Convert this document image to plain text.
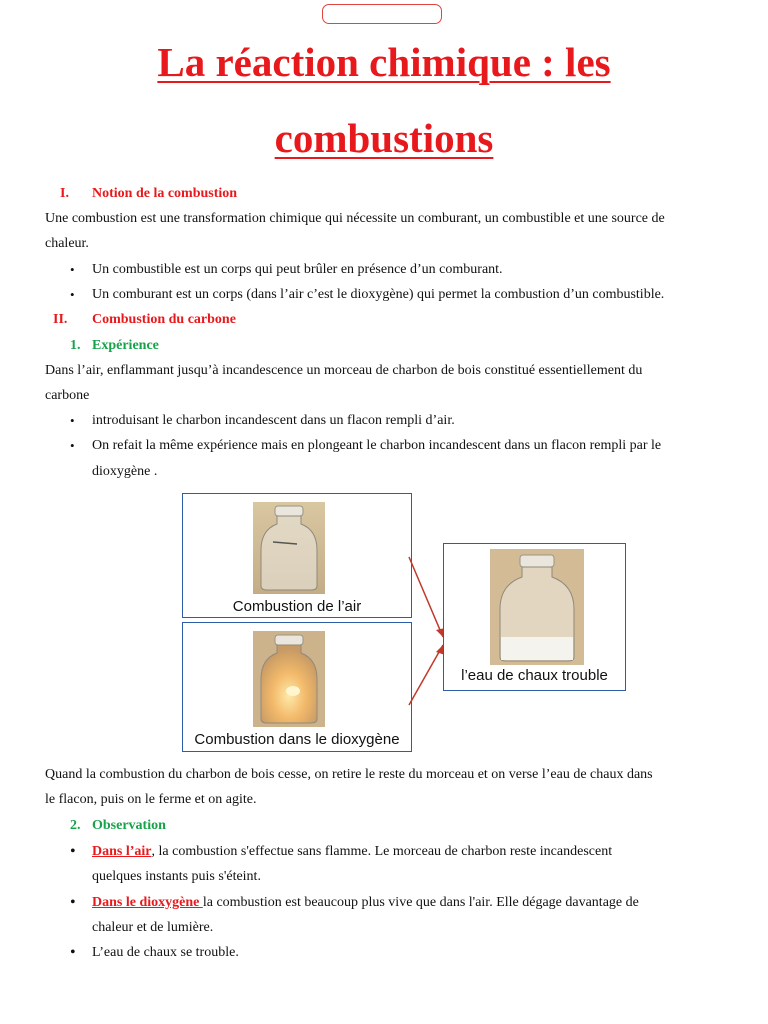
La réaction chimique : les
combustions
I. Notion de la combustion
Une combustion est une transformation chimique qui nécessite un comburant, un combustible et une source de
chaleur.
• Un combustible est un corps qui peut brûler en présence d’un comburant.
• Un comburant est un corps (dans l’air c’est le dioxygène) qui permet la combustion d’un combustible.
II. Combustion du carbone
1. Expérience
Dans l’air, enflammant jusqu’à incandescence un morceau de charbon de bois constitué essentiellement du
carbone
• introduisant le charbon incandescent dans un flacon rempli d’air.
• On refait la même expérience mais en plongeant le charbon incandescent dans un flacon rempli par le
dioxygène .
Combustion de l’air
Combustion dans le dioxygène
l’eau de chaux trouble
Quand la combustion du charbon de bois cesse, on retire le reste du morceau et on verse l’eau de chaux dans
le flacon, puis on le ferme et on agite.
2. Observation
• Dans l’air, la combustion s'effectue sans flamme. Le morceau de charbon reste incandescent
quelques instants puis s'éteint.
• Dans le dioxygène la combustion est beaucoup plus vive que dans l'air. Elle dégage davantage de
chaleur et de lumière.
• L’eau de chaux se trouble.
